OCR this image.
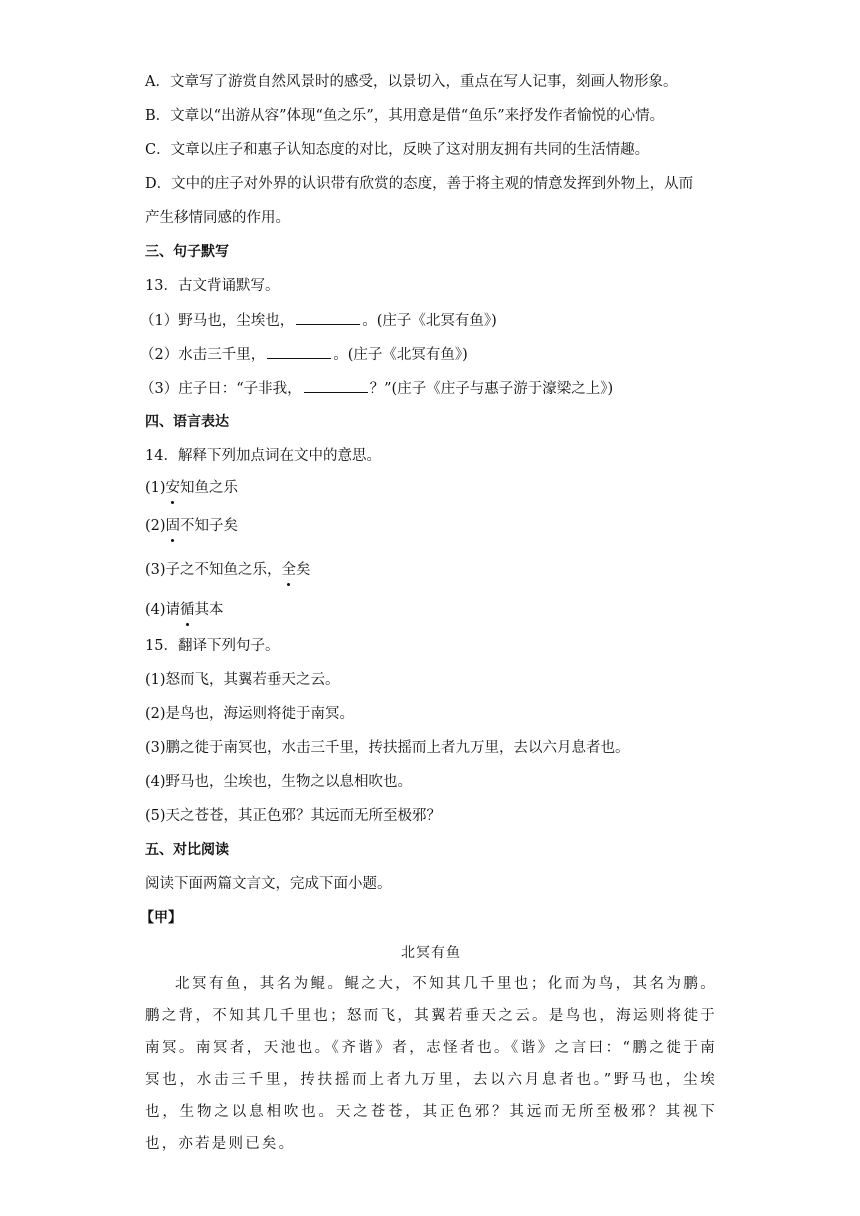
A．文章写了游赏自然风景时的感受，以景切入，重点在写人记事，刻画人物形象。
B．文章以“出游从容”体现“鱼之乐”，其用意是借“鱼乐”来抒发作者愉悦的心情。
C．文章以庄子和惠子认知态度的对比，反映了这对朋友拥有共同的生活情趣。
D．文中的庄子对外界的认识带有欣赏的态度，善于将主观的情意发挥到外物上，从而
产生移情同感的作用。
三、句子默写
13．古文背诵默写。
（1）野马也，尘埃也，	。(庄子《北冥有鱼》)
（2）水击三千里，	。(庄子《北冥有鱼》)
（3）庄子日：“子非我，	？”(庄子《庄子与惠子游于濠梁之上》)
四、语言表达
14．解释下列加点词在文中的意思。
(1)安知鱼之乐
(2)固不知子矣
(3)子之不知鱼之乐，全矣
(4)请循其本
15．翻译下列句子。
(1)怒而飞，其翼若垂天之云。
(2)是鸟也，海运则将徙于南冥。
(3)鹏之徙于南冥也，水击三千里，抟扶摇而上者九万里，去以六月息者也。
(4)野马也，尘埃也，生物之以息相吹也。
(5)天之苍苍，其正色邪？其远而无所至极邪？
五、对比阅读
阅读下面两篇文言文，完成下面小题。
【甲】
北冥有鱼
北冥有鱼，其名为鲲。鲲之大，不知其几千里也；化而为鸟，其名为鹏。鹏之背，不知其几千里也；怒而飞，其翼若垂天之云。是鸟也，海运则将徙于南冥。南冥者，天池也。《齐谐》者，志怪者也。《谐》之言曰：“鹏之徙于南冥也，水击三千里，抟扶摇而上者九万里，去以六月息者也。”野马也，尘埃也，生物之以息相吹也。天之苍苍，其正色邪？其远而无所至极邪？其视下也，亦若是则已矣。
